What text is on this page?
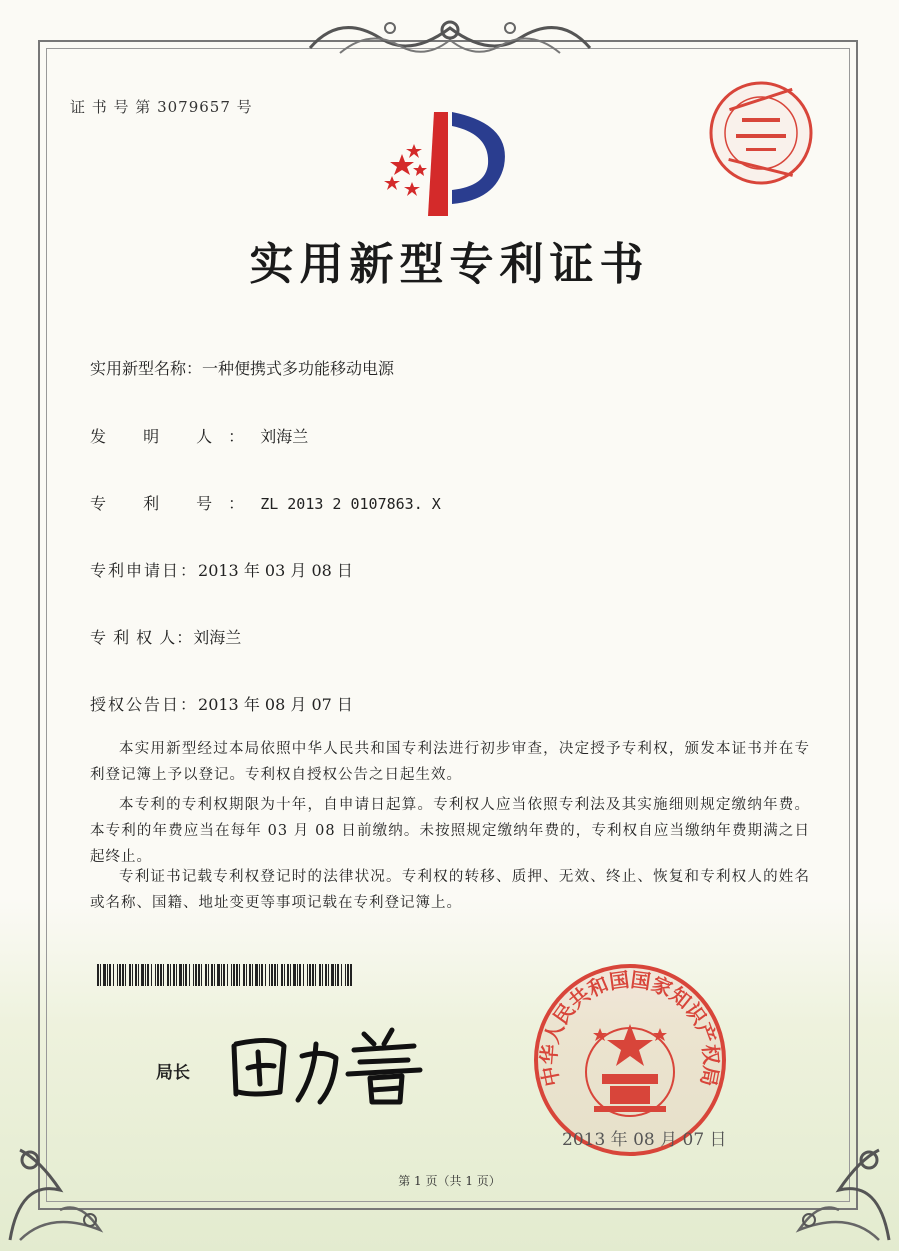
证 书 号 第 3079657 号
实用新型专利证书
实用新型名称：一种便携式多功能移动电源
发 明 人：刘海兰
专 利 号：ZL 2013 2 0107863. X
专利申请日：2013 年 03 月 08 日
专 利 权 人：刘海兰
授权公告日：2013 年 08 月 07 日
本实用新型经过本局依照中华人民共和国专利法进行初步审查，决定授予专利权，颁发本证书并在专利登记簿上予以登记。专利权自授权公告之日起生效。
本专利的专利权期限为十年，自申请日起算。专利权人应当依照专利法及其实施细则规定缴纳年费。本专利的年费应当在每年 03 月 08 日前缴纳。未按照规定缴纳年费的，专利权自应当缴纳年费期满之日起终止。
专利证书记载专利权登记时的法律状况。专利权的转移、质押、无效、终止、恢复和专利权人的姓名或名称、国籍、地址变更等事项记载在专利登记簿上。
局长	中华人民共和国国家知识产权局
2013 年 08 月 07 日
第 1 页（共 1 页）
